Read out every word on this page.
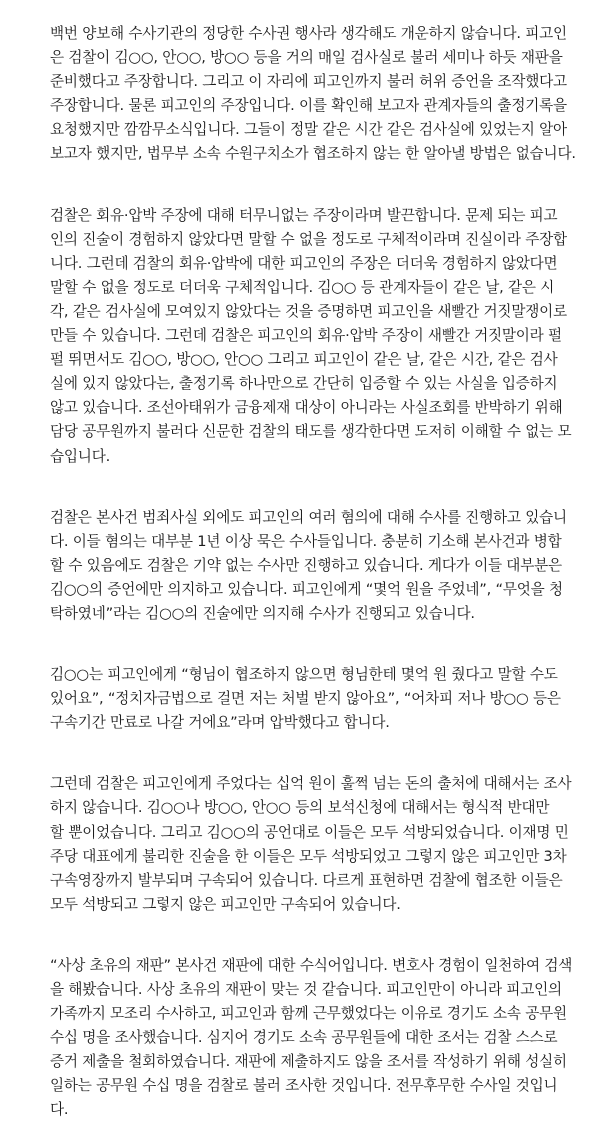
백번 양보해 수사기관의 정당한 수사권 행사라 생각해도 개운하지 않습니다. 피고인
은 검찰이 김○○, 안○○, 방○○ 등을 거의 매일 검사실로 불러 세미나 하듯 재판을
준비했다고 주장합니다. 그리고 이 자리에 피고인까지 불러 허위 증언을 조작했다고
주장합니다. 물론 피고인의 주장입니다. 이를 확인해 보고자 관계자들의 출정기록을
요청했지만 깜깜무소식입니다. 그들이 정말 같은 시간 같은 검사실에 있었는지 알아
보고자 했지만, 법무부 소속 수원구치소가 협조하지 않는 한 알아낼 방법은 없습니다.

검찰은 회유·압박 주장에 대해 터무니없는 주장이라며 발끈합니다. 문제 되는 피고
인의 진술이 경험하지 않았다면 말할 수 없을 정도로 구체적이라며 진실이라 주장합
니다. 그런데 검찰의 회유·압박에 대한 피고인의 주장은 더더욱 경험하지 않았다면
말할 수 없을 정도로 더더욱 구체적입니다. 김○○ 등 관계자들이 같은 날, 같은 시
각, 같은 검사실에 모여있지 않았다는 것을 증명하면 피고인을 새빨간 거짓말쟁이로
만들 수 있습니다. 그런데 검찰은 피고인의 회유·압박 주장이 새빨간 거짓말이라 펄
펄 뛰면서도 김○○, 방○○, 안○○ 그리고 피고인이 같은 날, 같은 시간, 같은 검사
실에 있지 않았다는, 출정기록 하나만으로 간단히 입증할 수 있는 사실을 입증하지
않고 있습니다. 조선아태위가 금융제재 대상이 아니라는 사실조회를 반박하기 위해
담당 공무원까지 불러다 신문한 검찰의 태도를 생각한다면 도저히 이해할 수 없는 모
습입니다.

검찰은 본사건 범죄사실 외에도 피고인의 여러 혐의에 대해 수사를 진행하고 있습니
다. 이들 혐의는 대부분 1년 이상 묵은 수사들입니다. 충분히 기소해 본사건과 병합
할 수 있음에도 검찰은 기약 없는 수사만 진행하고 있습니다. 게다가 이들 대부분은
김○○의 증언에만 의지하고 있습니다. 피고인에게 “몇억 원을 주었네”, “무엇을 청
탁하였네”라는 김○○의 진술에만 의지해 수사가 진행되고 있습니다.

김○○는 피고인에게 “형님이 협조하지 않으면 형님한테 몇억 원 줬다고 말할 수도
있어요”, “정치자금법으로 걸면 저는 처벌 받지 않아요”, “어차피 저나 방○○ 등은
구속기간 만료로 나갈 거에요”라며 압박했다고 합니다.

그런데 검찰은 피고인에게 주었다는 십억 원이 훌쩍 넘는 돈의 출처에 대해서는 조사
하지 않습니다. 김○○나 방○○, 안○○ 등의 보석신청에 대해서는 형식적 반대만
할 뿐이었습니다. 그리고 김○○의 공언대로 이들은 모두 석방되었습니다. 이재명 민
주당 대표에게 불리한 진술을 한 이들은 모두 석방되었고 그렇지 않은 피고인만 3차
구속영장까지 발부되며 구속되어 있습니다. 다르게 표현하면 검찰에 협조한 이들은
모두 석방되고 그렇지 않은 피고인만 구속되어 있습니다.

“사상 초유의 재판” 본사건 재판에 대한 수식어입니다. 변호사 경험이 일천하여 검색
을 해봤습니다. 사상 초유의 재판이 맞는 것 같습니다. 피고인만이 아니라 피고인의
가족까지 모조리 수사하고, 피고인과 함께 근무했었다는 이유로 경기도 소속 공무원
수십 명을 조사했습니다. 심지어 경기도 소속 공무원들에 대한 조서는 검찰 스스로
증거 제출을 철회하였습니다. 재판에 제출하지도 않을 조서를 작성하기 위해 성실히
일하는 공무원 수십 명을 검찰로 불러 조사한 것입니다. 전무후무한 수사일 것입니
다.
